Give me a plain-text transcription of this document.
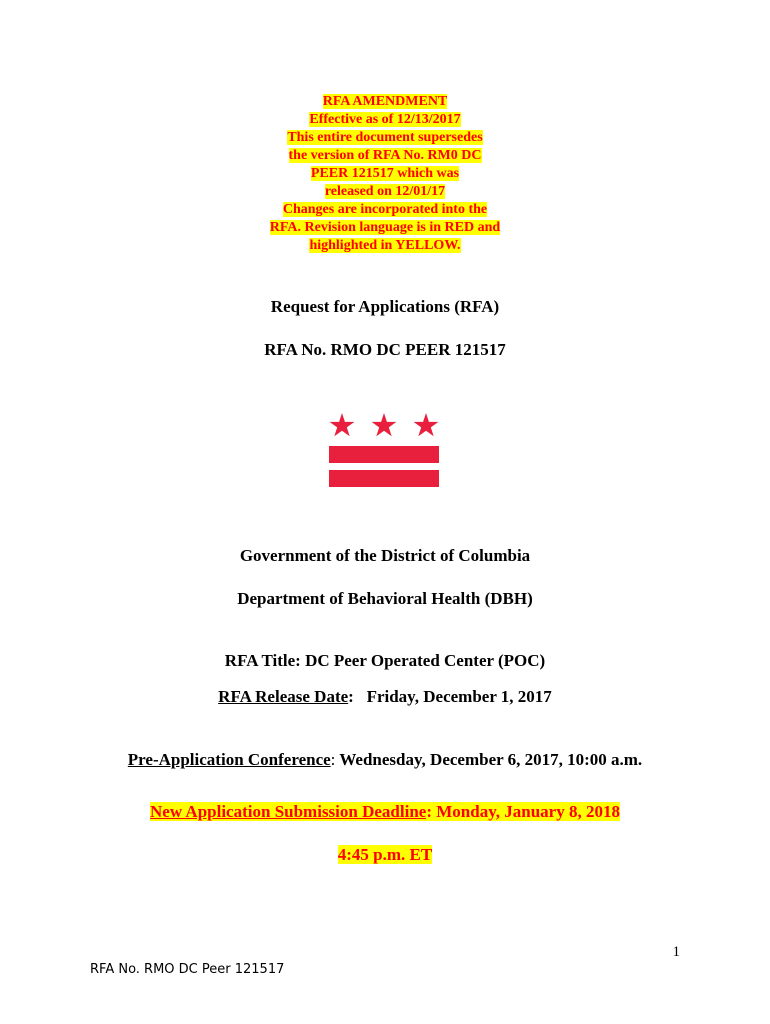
RFA AMENDMENT
Effective as of 12/13/2017
This entire document supersedes
the version of RFA No. RM0 DC
PEER 121517 which was
released on 12/01/17
Changes are incorporated into the
RFA. Revision language is in RED and
highlighted in YELLOW.
Request for Applications (RFA)
RFA No. RMO DC PEER 121517
Government of the District of Columbia
Department of Behavioral Health (DBH)
RFA Title: DC Peer Operated Center (POC)
RFA Release Date:   Friday, December 1, 2017
Pre-Application Conference: Wednesday, December 6, 2017, 10:00 a.m.
New Application Submission Deadline: Monday, January 8, 2018
4:45 p.m. ET
1
RFA No. RMO DC Peer 121517
